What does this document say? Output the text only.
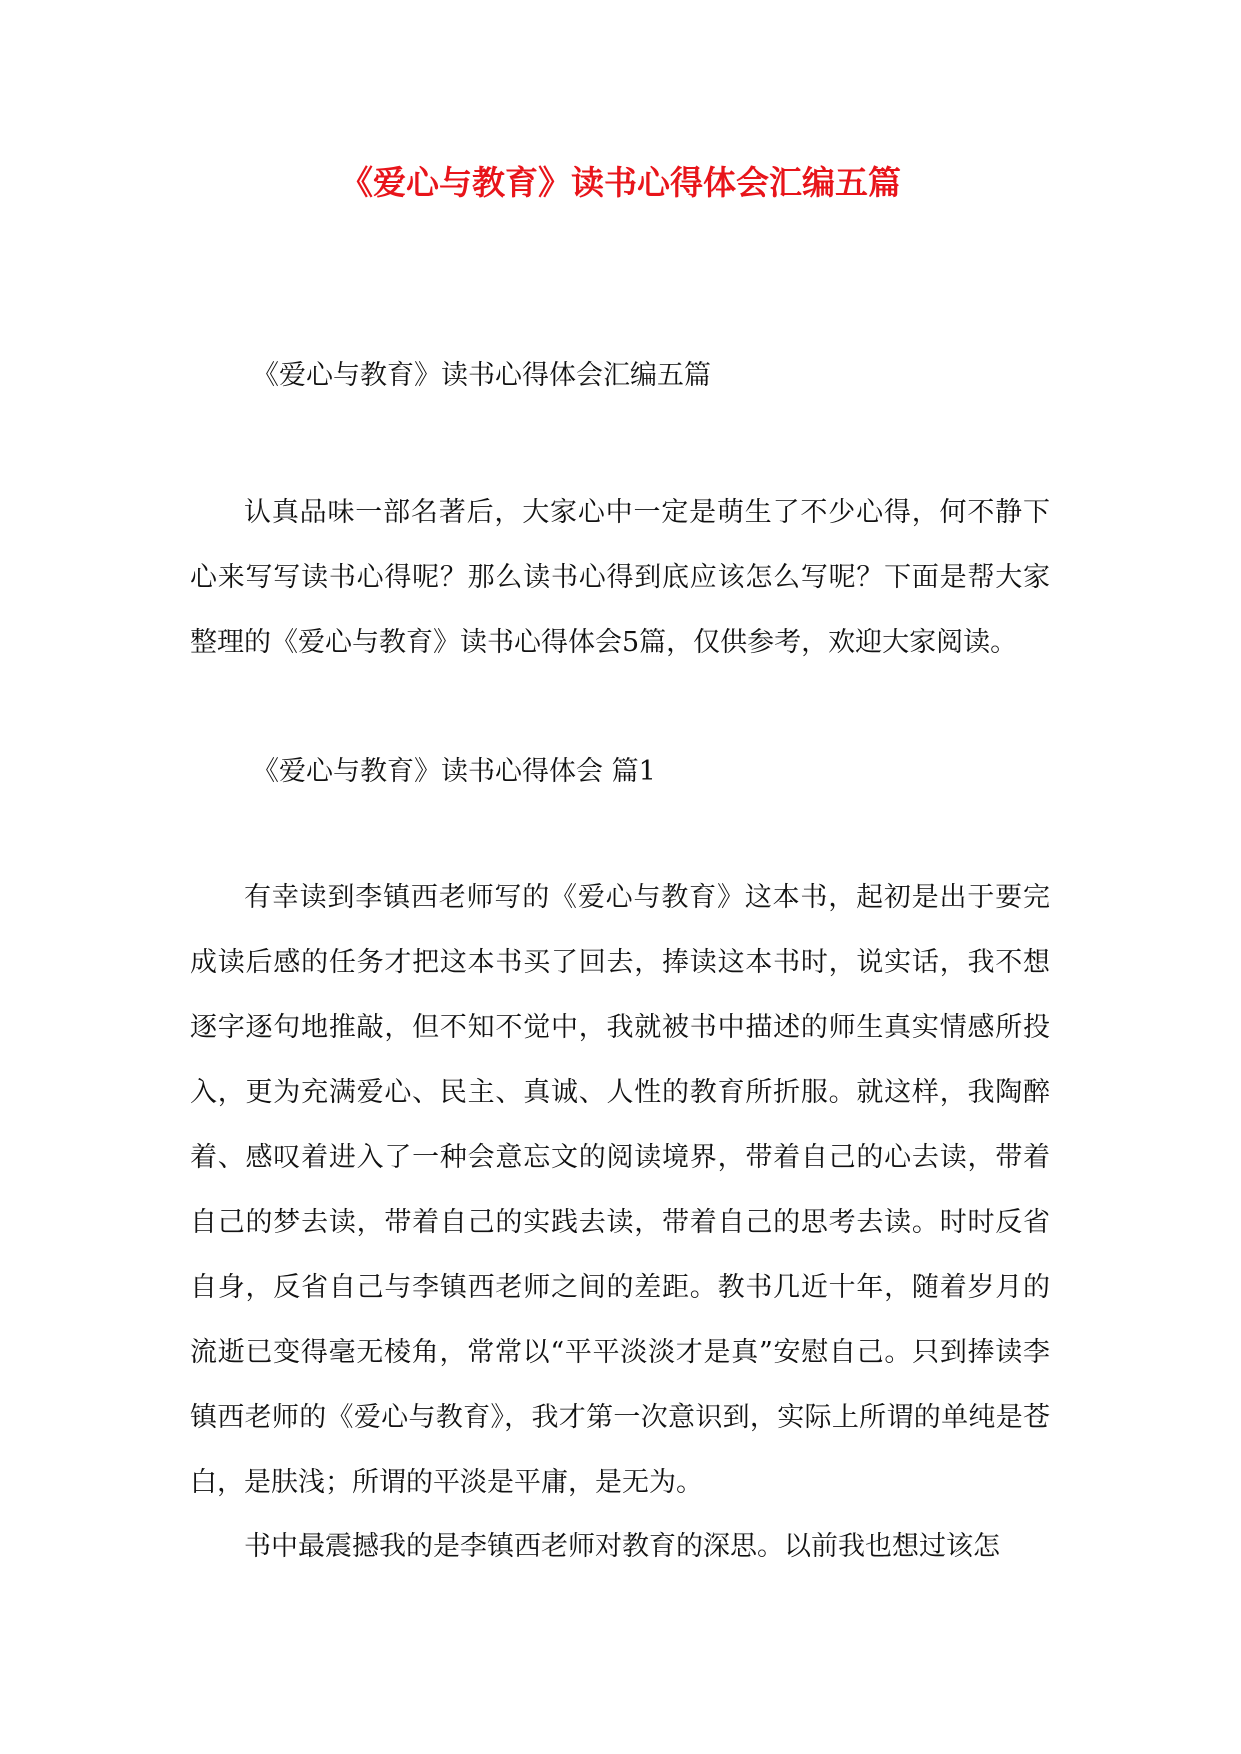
《爱心与教育》读书心得体会汇编五篇

《爱心与教育》读书心得体会汇编五篇

认真品味一部名著后，大家心中一定是萌生了不少心得，何不静下心来写写读书心得呢？那么读书心得到底应该怎么写呢？下面是帮大家整理的《爱心与教育》读书心得体会5篇，仅供参考，欢迎大家阅读。

《爱心与教育》读书心得体会 篇1

有幸读到李镇西老师写的《爱心与教育》这本书，起初是出于要完成读后感的任务才把这本书买了回去，捧读这本书时，说实话，我不想逐字逐句地推敲，但不知不觉中，我就被书中描述的师生真实情感所投入，更为充满爱心、民主、真诚、人性的教育所折服。就这样，我陶醉着、感叹着进入了一种会意忘文的阅读境界，带着自己的心去读，带着自己的梦去读，带着自己的实践去读，带着自己的思考去读。时时反省自身，反省自己与李镇西老师之间的差距。教书几近十年，随着岁月的流逝已变得毫无棱角，常常以“平平淡淡才是真”安慰自己。只到捧读李镇西老师的《爱心与教育》，我才第一次意识到，实际上所谓的单纯是苍白，是肤浅；所谓的平淡是平庸，是无为。

书中最震撼我的是李镇西老师对教育的深思。以前我也想过该怎
